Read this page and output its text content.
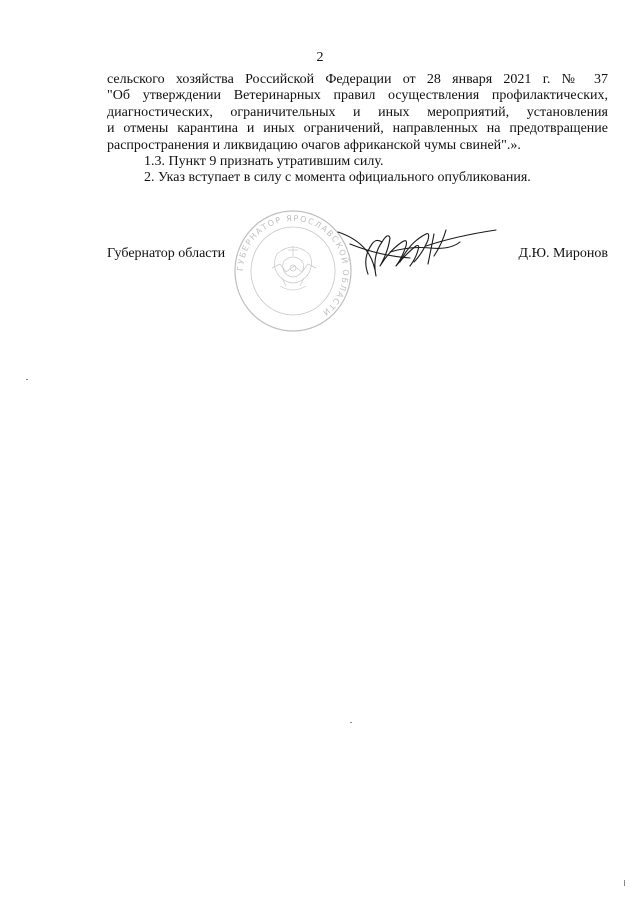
2

сельского хозяйства Российской Федерации от 28 января 2021 г. № 37
"Об утверждении Ветеринарных правил осуществления профилактических,
диагностических, ограничительных и иных мероприятий, установления
и отмены карантина и иных ограничений, направленных на предотвращение
распространения и ликвидацию очагов африканской чумы свиней".».

1.3. Пункт 9 признать утратившим силу.

2. Указ вступает в силу с момента официального опубликования.

Губернатор области	Д.Ю. Миронов
ГУБЕРНАТОР ЯРОСЛАВСКОЙ ОБЛАСТИ
